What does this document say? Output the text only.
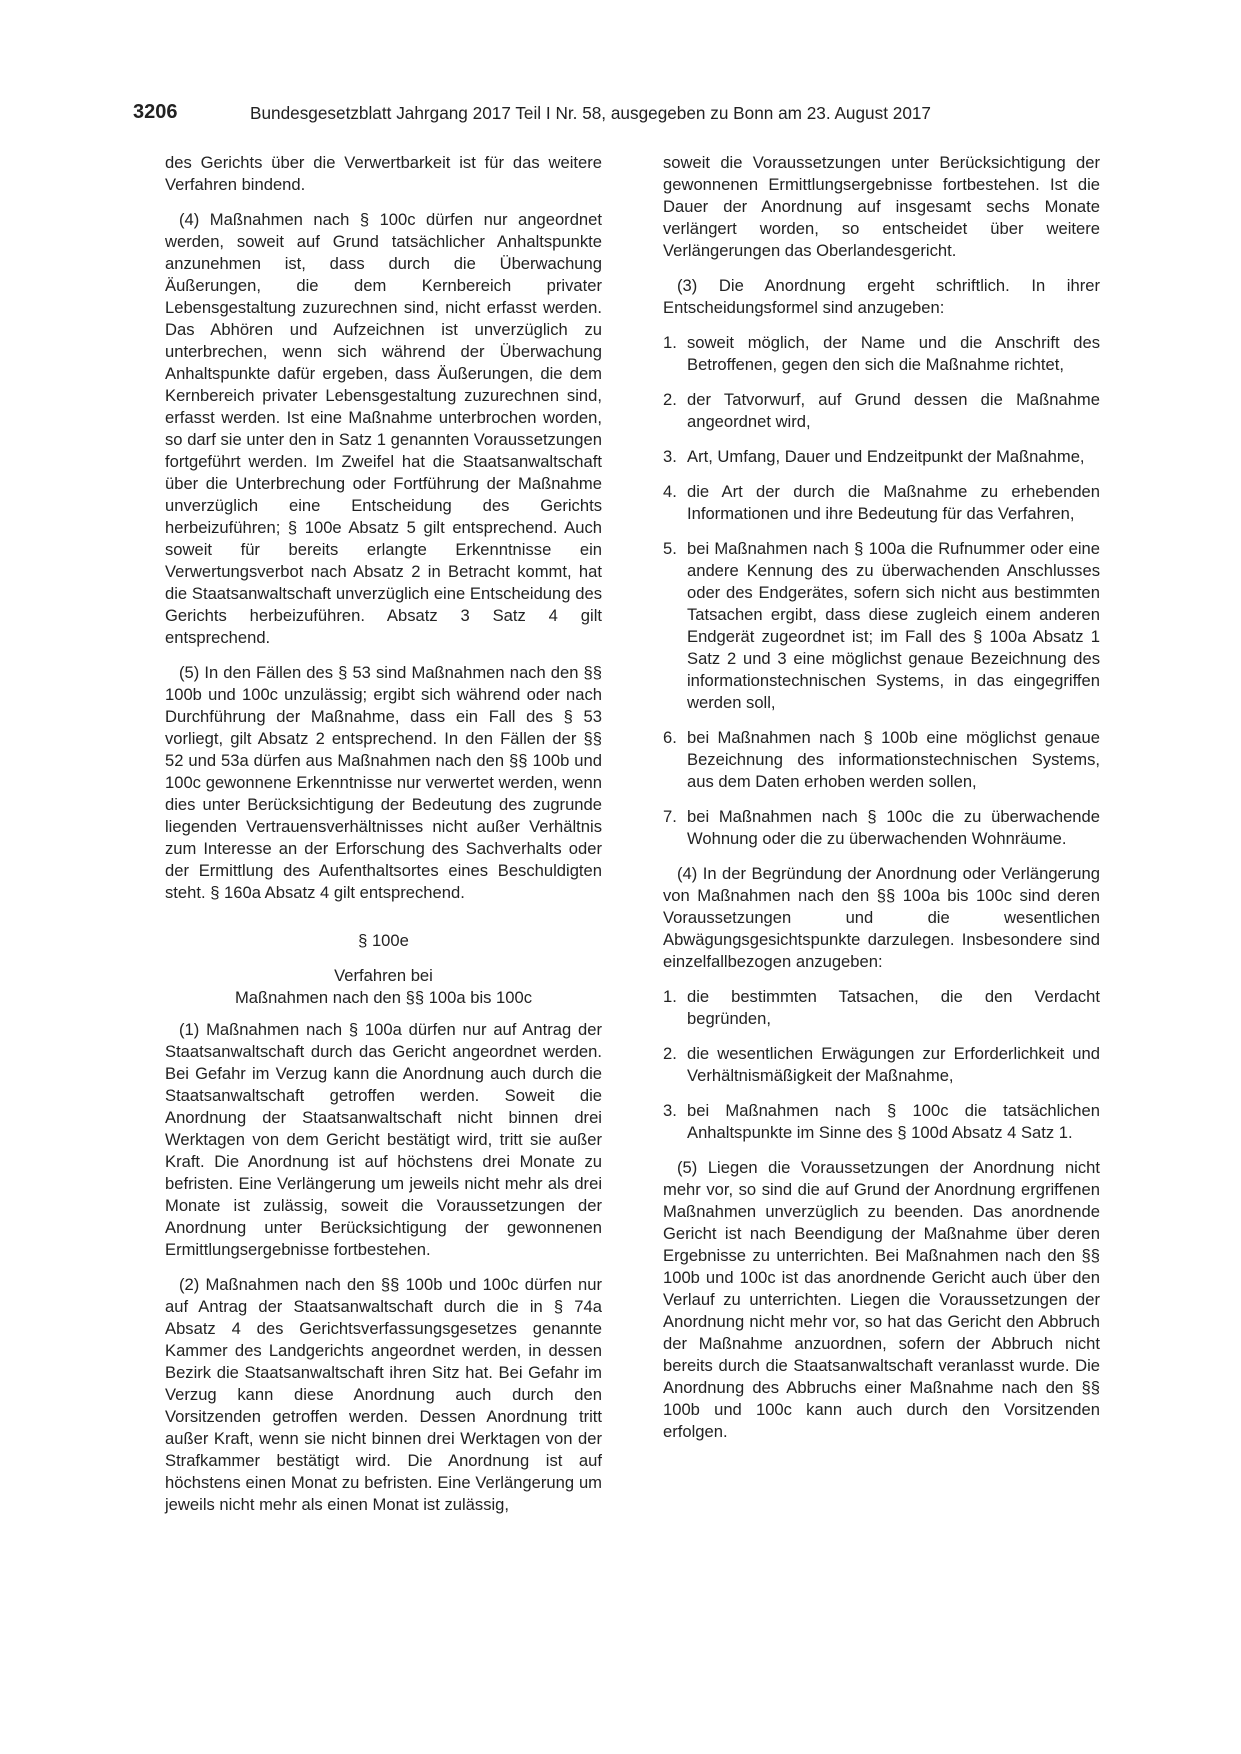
3206	Bundesgesetzblatt Jahrgang 2017 Teil I Nr. 58, ausgegeben zu Bonn am 23. August 2017

des Gerichts über die Verwertbarkeit ist für das weitere Verfahren bindend.

(4) Maßnahmen nach § 100c dürfen nur angeordnet werden, soweit auf Grund tatsächlicher Anhaltspunkte anzunehmen ist, dass durch die Überwachung Äußerungen, die dem Kernbereich privater Lebensgestaltung zuzurechnen sind, nicht erfasst werden. Das Abhören und Aufzeichnen ist unverzüglich zu unterbrechen, wenn sich während der Überwachung Anhaltspunkte dafür ergeben, dass Äußerungen, die dem Kernbereich privater Lebensgestaltung zuzurechnen sind, erfasst werden. Ist eine Maßnahme unterbrochen worden, so darf sie unter den in Satz 1 genannten Voraussetzungen fortgeführt werden. Im Zweifel hat die Staatsanwaltschaft über die Unterbrechung oder Fortführung der Maßnahme unverzüglich eine Entscheidung des Gerichts herbeizuführen; § 100e Absatz 5 gilt entsprechend. Auch soweit für bereits erlangte Erkenntnisse ein Verwertungsverbot nach Absatz 2 in Betracht kommt, hat die Staatsanwaltschaft unverzüglich eine Entscheidung des Gerichts herbeizuführen. Absatz 3 Satz 4 gilt entsprechend.

(5) In den Fällen des § 53 sind Maßnahmen nach den §§ 100b und 100c unzulässig; ergibt sich während oder nach Durchführung der Maßnahme, dass ein Fall des § 53 vorliegt, gilt Absatz 2 entsprechend. In den Fällen der §§ 52 und 53a dürfen aus Maßnahmen nach den §§ 100b und 100c gewonnene Erkenntnisse nur verwertet werden, wenn dies unter Berücksichtigung der Bedeutung des zugrunde liegenden Vertrauensverhältnisses nicht außer Verhältnis zum Interesse an der Erforschung des Sachverhalts oder der Ermittlung des Aufenthaltsortes eines Beschuldigten steht. § 160a Absatz 4 gilt entsprechend.

§ 100e
Verfahren bei
Maßnahmen nach den §§ 100a bis 100c

(1) Maßnahmen nach § 100a dürfen nur auf Antrag der Staatsanwaltschaft durch das Gericht angeordnet werden. Bei Gefahr im Verzug kann die Anordnung auch durch die Staatsanwaltschaft getroffen werden. Soweit die Anordnung der Staatsanwaltschaft nicht binnen drei Werktagen von dem Gericht bestätigt wird, tritt sie außer Kraft. Die Anordnung ist auf höchstens drei Monate zu befristen. Eine Verlängerung um jeweils nicht mehr als drei Monate ist zulässig, soweit die Voraussetzungen der Anordnung unter Berücksichtigung der gewonnenen Ermittlungsergebnisse fortbestehen.

(2) Maßnahmen nach den §§ 100b und 100c dürfen nur auf Antrag der Staatsanwaltschaft durch die in § 74a Absatz 4 des Gerichtsverfassungsgesetzes genannte Kammer des Landgerichts angeordnet werden, in dessen Bezirk die Staatsanwaltschaft ihren Sitz hat. Bei Gefahr im Verzug kann diese Anordnung auch durch den Vorsitzenden getroffen werden. Dessen Anordnung tritt außer Kraft, wenn sie nicht binnen drei Werktagen von der Strafkammer bestätigt wird. Die Anordnung ist auf höchstens einen Monat zu befristen. Eine Verlängerung um jeweils nicht mehr als einen Monat ist zulässig,

soweit die Voraussetzungen unter Berücksichtigung der gewonnenen Ermittlungsergebnisse fortbestehen. Ist die Dauer der Anordnung auf insgesamt sechs Monate verlängert worden, so entscheidet über weitere Verlängerungen das Oberlandesgericht.

(3) Die Anordnung ergeht schriftlich. In ihrer Entscheidungsformel sind anzugeben:

1. soweit möglich, der Name und die Anschrift des Betroffenen, gegen den sich die Maßnahme richtet,
2. der Tatvorwurf, auf Grund dessen die Maßnahme angeordnet wird,
3. Art, Umfang, Dauer und Endzeitpunkt der Maßnahme,
4. die Art der durch die Maßnahme zu erhebenden Informationen und ihre Bedeutung für das Verfahren,
5. bei Maßnahmen nach § 100a die Rufnummer oder eine andere Kennung des zu überwachenden Anschlusses oder des Endgerätes, sofern sich nicht aus bestimmten Tatsachen ergibt, dass diese zugleich einem anderen Endgerät zugeordnet ist; im Fall des § 100a Absatz 1 Satz 2 und 3 eine möglichst genaue Bezeichnung des informationstechnischen Systems, in das eingegriffen werden soll,
6. bei Maßnahmen nach § 100b eine möglichst genaue Bezeichnung des informationstechnischen Systems, aus dem Daten erhoben werden sollen,
7. bei Maßnahmen nach § 100c die zu überwachende Wohnung oder die zu überwachenden Wohnräume.

(4) In der Begründung der Anordnung oder Verlängerung von Maßnahmen nach den §§ 100a bis 100c sind deren Voraussetzungen und die wesentlichen Abwägungsgesichtspunkte darzulegen. Insbesondere sind einzelfallbezogen anzugeben:

1. die bestimmten Tatsachen, die den Verdacht begründen,
2. die wesentlichen Erwägungen zur Erforderlichkeit und Verhältnismäßigkeit der Maßnahme,
3. bei Maßnahmen nach § 100c die tatsächlichen Anhaltspunkte im Sinne des § 100d Absatz 4 Satz 1.

(5) Liegen die Voraussetzungen der Anordnung nicht mehr vor, so sind die auf Grund der Anordnung ergriffenen Maßnahmen unverzüglich zu beenden. Das anordnende Gericht ist nach Beendigung der Maßnahme über deren Ergebnisse zu unterrichten. Bei Maßnahmen nach den §§ 100b und 100c ist das anordnende Gericht auch über den Verlauf zu unterrichten. Liegen die Voraussetzungen der Anordnung nicht mehr vor, so hat das Gericht den Abbruch der Maßnahme anzuordnen, sofern der Abbruch nicht bereits durch die Staatsanwaltschaft veranlasst wurde. Die Anordnung des Abbruchs einer Maßnahme nach den §§ 100b und 100c kann auch durch den Vorsitzenden erfolgen.
